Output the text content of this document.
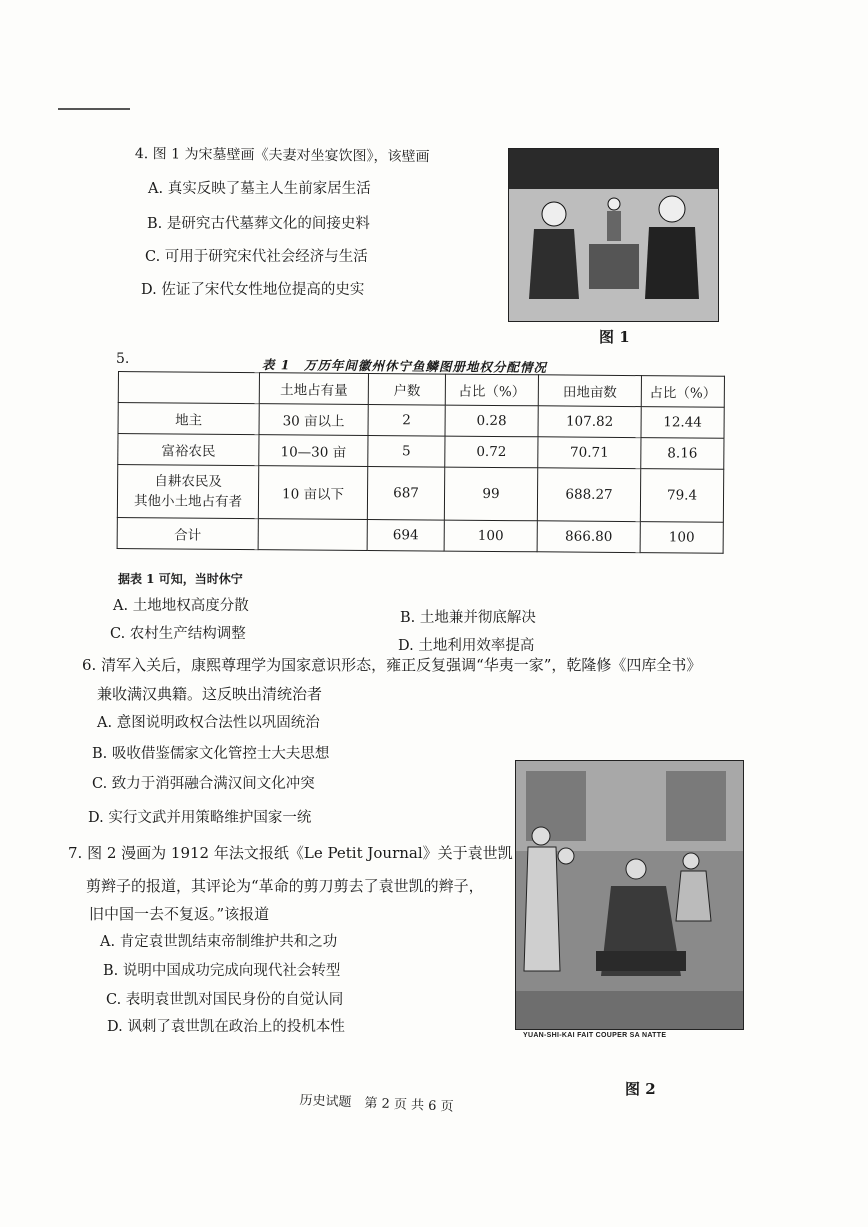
4. 图 1 为宋墓壁画《夫妻对坐宴饮图》，该壁画
A. 真实反映了墓主人生前家居生活
B. 是研究古代墓葬文化的间接史料
C. 可用于研究宋代社会经济与生活
D. 佐证了宋代女性地位提高的史实
图 1
5.	表 1　万历年间徽州休宁鱼鳞图册地权分配情况
	土地占有量	户数	占比（%）	田地亩数	占比（%）
地主	30 亩以上	2	0.28	107.82	12.44
富裕农民	10—30 亩	5	0.72	70.71	8.16
自耕农民及
其他小土地占有者	10 亩以下	687	99	688.27	79.4
合计		694	100	866.80	100
据表 1 可知，当时休宁
A. 土地地权高度分散
B. 土地兼并彻底解决
C. 农村生产结构调整
D. 土地利用效率提高
6. 清军入关后，康熙尊理学为国家意识形态，雍正反复强调“华夷一家”，乾隆修《四库全书》
兼收满汉典籍。这反映出清统治者
A. 意图说明政权合法性以巩固统治
B. 吸收借鉴儒家文化管控士大夫思想
C. 致力于消弭融合满汉间文化冲突
D. 实行文武并用策略维护国家一统
7. 图 2 漫画为 1912 年法文报纸《Le Petit Journal》关于袁世凯
剪辫子的报道，其评论为“革命的剪刀剪去了袁世凯的辫子，
旧中国一去不复返。”该报道
A. 肯定袁世凯结束帝制维护共和之功
B. 说明中国成功完成向现代社会转型
C. 表明袁世凯对国民身份的自觉认同
D. 讽刺了袁世凯在政治上的投机本性
YUAN-SHI-KAI FAIT COUPER SA NATTE
图 2
历史试题　第 2 页 共 6 页
